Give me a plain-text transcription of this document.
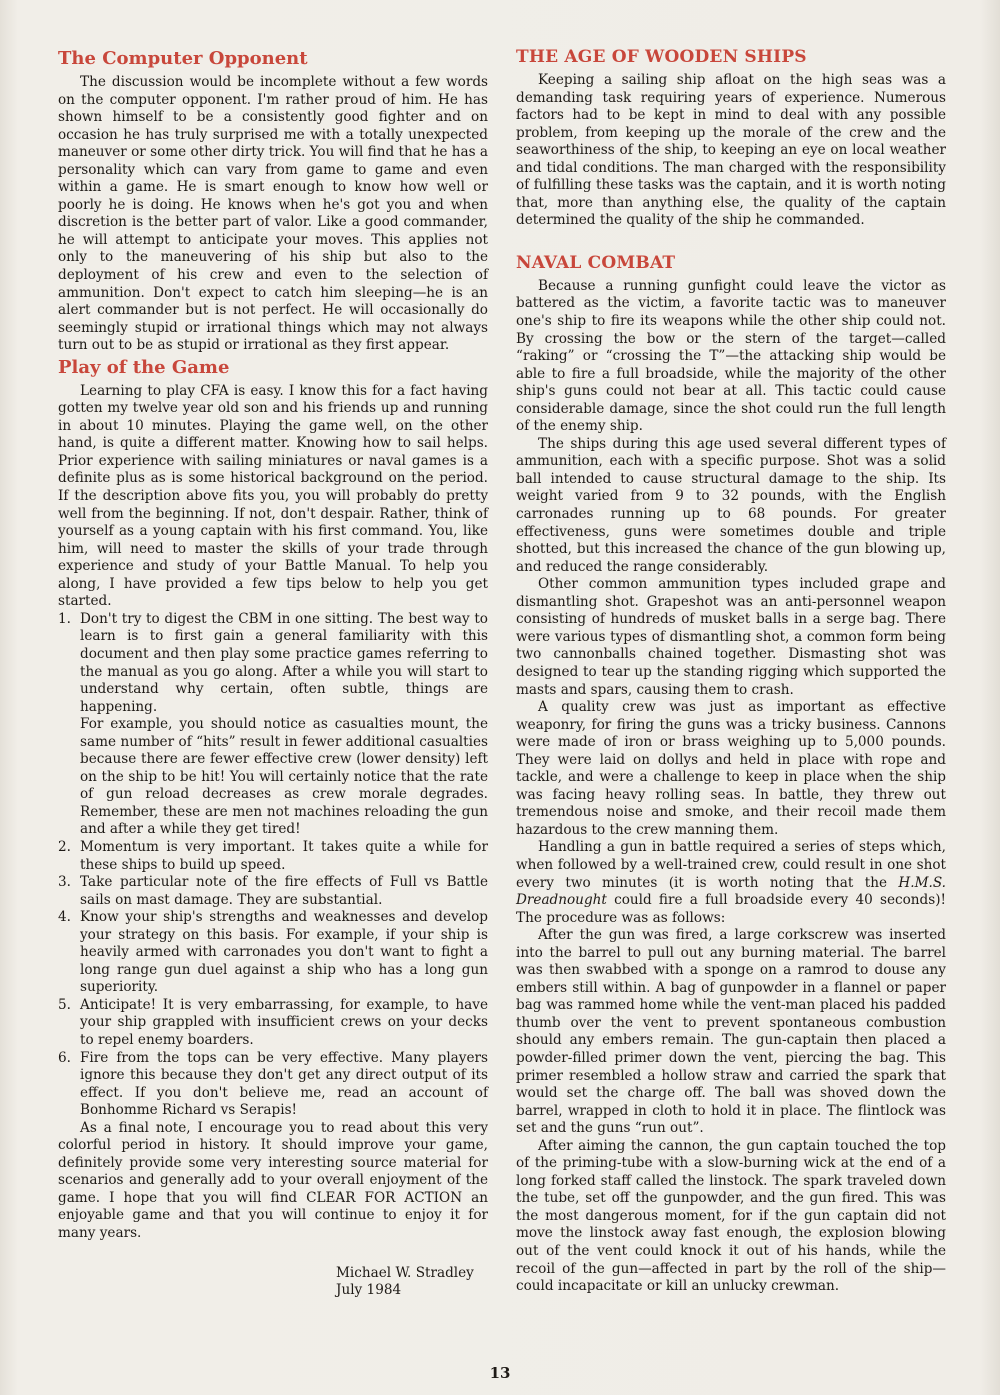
The Computer Opponent

The discussion would be incomplete without a few words on the computer opponent. I'm rather proud of him. He has shown himself to be a consistently good fighter and on occasion he has truly surprised me with a totally unexpected maneuver or some other dirty trick. You will find that he has a personality which can vary from game to game and even within a game. He is smart enough to know how well or poorly he is doing. He knows when he's got you and when discretion is the better part of valor. Like a good commander, he will attempt to anticipate your moves. This applies not only to the maneuvering of his ship but also to the deployment of his crew and even to the selection of ammunition. Don't expect to catch him sleeping—he is an alert commander but is not perfect. He will occasionally do seemingly stupid or irrational things which may not always turn out to be as stupid or irrational as they first appear.

Play of the Game

Learning to play CFA is easy. I know this for a fact having gotten my twelve year old son and his friends up and running in about 10 minutes. Playing the game well, on the other hand, is quite a different matter. Knowing how to sail helps. Prior experience with sailing miniatures or naval games is a definite plus as is some historical background on the period. If the description above fits you, you will probably do pretty well from the beginning. If not, don't despair. Rather, think of yourself as a young captain with his first command. You, like him, will need to master the skills of your trade through experience and study of your Battle Manual. To help you along, I have provided a few tips below to help you get started.

1. Don't try to digest the CBM in one sitting. The best way to learn is to first gain a general familiarity with this document and then play some practice games referring to the manual as you go along. After a while you will start to understand why certain, often subtle, things are happening.

For example, you should notice as casualties mount, the same number of “hits” result in fewer additional casualties because there are fewer effective crew (lower density) left on the ship to be hit! You will certainly notice that the rate of gun reload decreases as crew morale degrades. Remember, these are men not machines reloading the gun and after a while they get tired!

2. Momentum is very important. It takes quite a while for these ships to build up speed.

3. Take particular note of the fire effects of Full vs Battle sails on mast damage. They are substantial.

4. Know your ship's strengths and weaknesses and develop your strategy on this basis. For example, if your ship is heavily armed with carronades you don't want to fight a long range gun duel against a ship who has a long gun superiority.

5. Anticipate! It is very embarrassing, for example, to have your ship grappled with insufficient crews on your decks to repel enemy boarders.

6. Fire from the tops can be very effective. Many players ignore this because they don't get any direct output of its effect. If you don't believe me, read an account of Bonhomme Richard vs Serapis!

As a final note, I encourage you to read about this very colorful period in history. It should improve your game, definitely provide some very interesting source material for scenarios and generally add to your overall enjoyment of the game. I hope that you will find CLEAR FOR ACTION an enjoyable game and that you will continue to enjoy it for many years.

Michael W. Stradley
July 1984
THE AGE OF WOODEN SHIPS

Keeping a sailing ship afloat on the high seas was a demanding task requiring years of experience. Numerous factors had to be kept in mind to deal with any possible problem, from keeping up the morale of the crew and the seaworthiness of the ship, to keeping an eye on local weather and tidal conditions. The man charged with the responsibility of fulfilling these tasks was the captain, and it is worth noting that, more than anything else, the quality of the captain determined the quality of the ship he commanded.

NAVAL COMBAT

Because a running gunfight could leave the victor as battered as the victim, a favorite tactic was to maneuver one's ship to fire its weapons while the other ship could not. By crossing the bow or the stern of the target—called “raking” or “crossing the T”—the attacking ship would be able to fire a full broadside, while the majority of the other ship's guns could not bear at all. This tactic could cause considerable damage, since the shot could run the full length of the enemy ship.

The ships during this age used several different types of ammunition, each with a specific purpose. Shot was a solid ball intended to cause structural damage to the ship. Its weight varied from 9 to 32 pounds, with the English carronades running up to 68 pounds. For greater effectiveness, guns were sometimes double and triple shotted, but this increased the chance of the gun blowing up, and reduced the range considerably.

Other common ammunition types included grape and dismantling shot. Grapeshot was an anti-personnel weapon consisting of hundreds of musket balls in a serge bag. There were various types of dismantling shot, a common form being two cannonballs chained together. Dismasting shot was designed to tear up the standing rigging which supported the masts and spars, causing them to crash.

A quality crew was just as important as effective weaponry, for firing the guns was a tricky business. Cannons were made of iron or brass weighing up to 5,000 pounds. They were laid on dollys and held in place with rope and tackle, and were a challenge to keep in place when the ship was facing heavy rolling seas. In battle, they threw out tremendous noise and smoke, and their recoil made them hazardous to the crew manning them.

Handling a gun in battle required a series of steps which, when followed by a well-trained crew, could result in one shot every two minutes (it is worth noting that the H.M.S. Dreadnought could fire a full broadside every 40 seconds)! The procedure was as follows:

After the gun was fired, a large corkscrew was inserted into the barrel to pull out any burning material. The barrel was then swabbed with a sponge on a ramrod to douse any embers still within. A bag of gunpowder in a flannel or paper bag was rammed home while the vent-man placed his padded thumb over the vent to prevent spontaneous combustion should any embers remain. The gun-captain then placed a powder-filled primer down the vent, piercing the bag. This primer resembled a hollow straw and carried the spark that would set the charge off. The ball was shoved down the barrel, wrapped in cloth to hold it in place. The flintlock was set and the guns “run out”.

After aiming the cannon, the gun captain touched the top of the priming-tube with a slow-burning wick at the end of a long forked staff called the linstock. The spark traveled down the tube, set off the gunpowder, and the gun fired. This was the most dangerous moment, for if the gun captain did not move the linstock away fast enough, the explosion blowing out of the vent could knock it out of his hands, while the recoil of the gun—affected in part by the roll of the ship—could incapacitate or kill an unlucky crewman.

13
